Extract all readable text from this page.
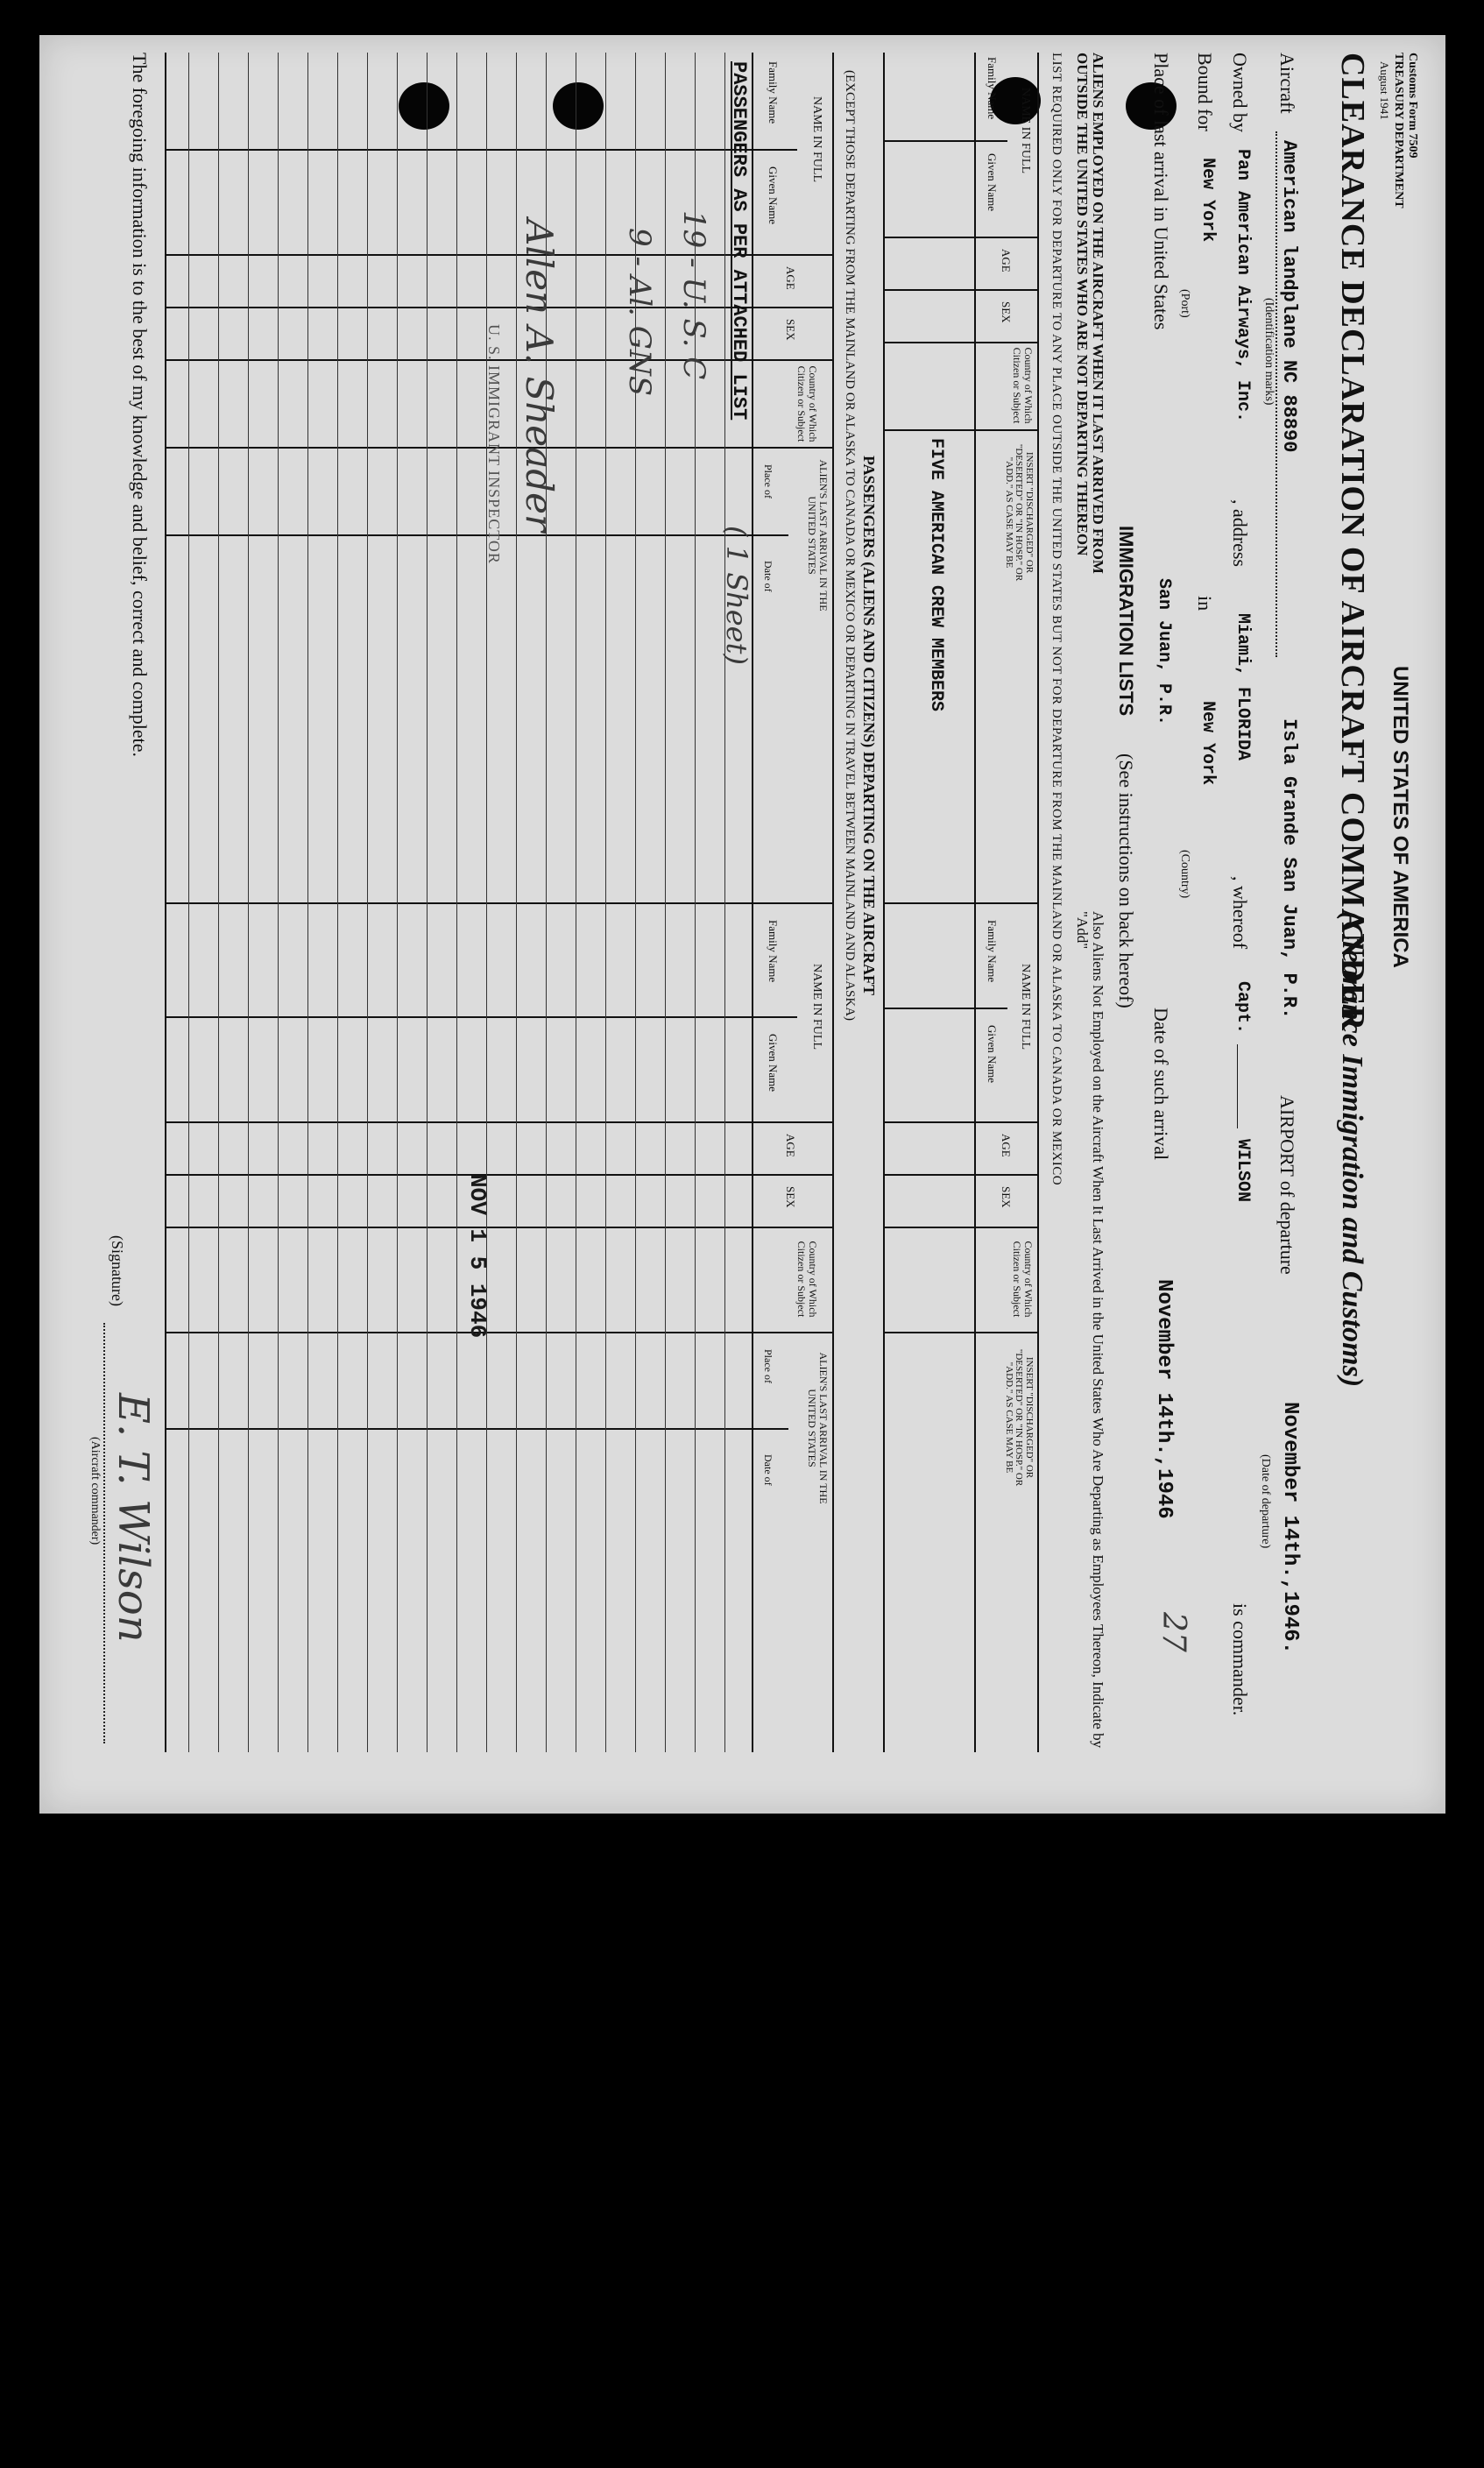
Customs Form 7509
TREASURY DEPARTMENT
August 1941
UNITED STATES OF AMERICA
CLEARANCE DECLARATION OF AIRCRAFT COMMANDER
(Clearance Immigration and Customs)
Aircraft
American landplane NC 88890
(Identification marks)
Isla Grande San Juan, P.R.
AIRPORT of departure
November 14th.,1946.
(Date of departure)
Owned by
Pan American Airways, Inc.
, address
Miami, FLORIDA
, whereof
Capt. ________ WILSON
is commander.
Bound for
New York
(Port)
in
New York
(Country)
Place of last arrival in United States
San Juan, P.R.
Date of such arrival
November 14th.,1946
27
IMMIGRATION LISTS
(See instructions on back hereof)
ALIENS EMPLOYED ON THE AIRCRAFT WHEN IT LAST ARRIVED FROM OUTSIDE THE UNITED STATES WHO ARE NOT DEPARTING THEREON
Also Aliens Not Employed on the Aircraft When It Last Arrived in the United States Who Are Departing as Employees Thereon, Indicate by "Add"
LIST REQUIRED ONLY FOR DEPARTURE TO ANY PLACE OUTSIDE THE UNITED STATES BUT NOT FOR DEPARTURE FROM THE MAINLAND OR ALASKA TO CANADA OR MEXICO
NAME IN FULL
Family Name
Given Name
AGE
SEX
Country of Which Citizen or Subject
INSERT "DISCHARGED" OR "DESERTED" OR "IN HOSP." OR "ADD." AS CASE MAY BE
NAME IN FULL
Family Name
Given Name
AGE
SEX
Country of Which Citizen or Subject
INSERT "DISCHARGED" OR "DESERTED" OR "IN HOSP." OR "ADD." AS CASE MAY BE
FIVE AMERICAN CREW MEMBERS
PASSENGERS (ALIENS AND CITIZENS) DEPARTING ON THE AIRCRAFT
(EXCEPT THOSE DEPARTING FROM THE MAINLAND OR ALASKA TO CANADA OR MEXICO OR DEPARTING IN TRAVEL BETWEEN MAINLAND AND ALASKA)
NAME IN FULL
Family Name
Given Name
AGE
SEX
Country of Which Citizen or Subject
ALIEN'S LAST ARRIVAL IN THE UNITED STATES
Place of
Date of
NAME IN FULL
Family Name
Given Name
AGE
SEX
Country of Which Citizen or Subject
ALIEN'S LAST ARRIVAL IN THE UNITED STATES
Place of
Date of
PASSENGERS AS PER ATTACHED LIST
( 1 Sheet)
19 - U. S. C
9 - Al. GNS
Allen A. Sheader
U. S. IMMIGRANT INSPECTOR
NOV 1 5 1946
The foregoing information is to the best of my knowledge and belief, correct and complete.
(Signature)
E. T. Wilson
(Aircraft commander)
